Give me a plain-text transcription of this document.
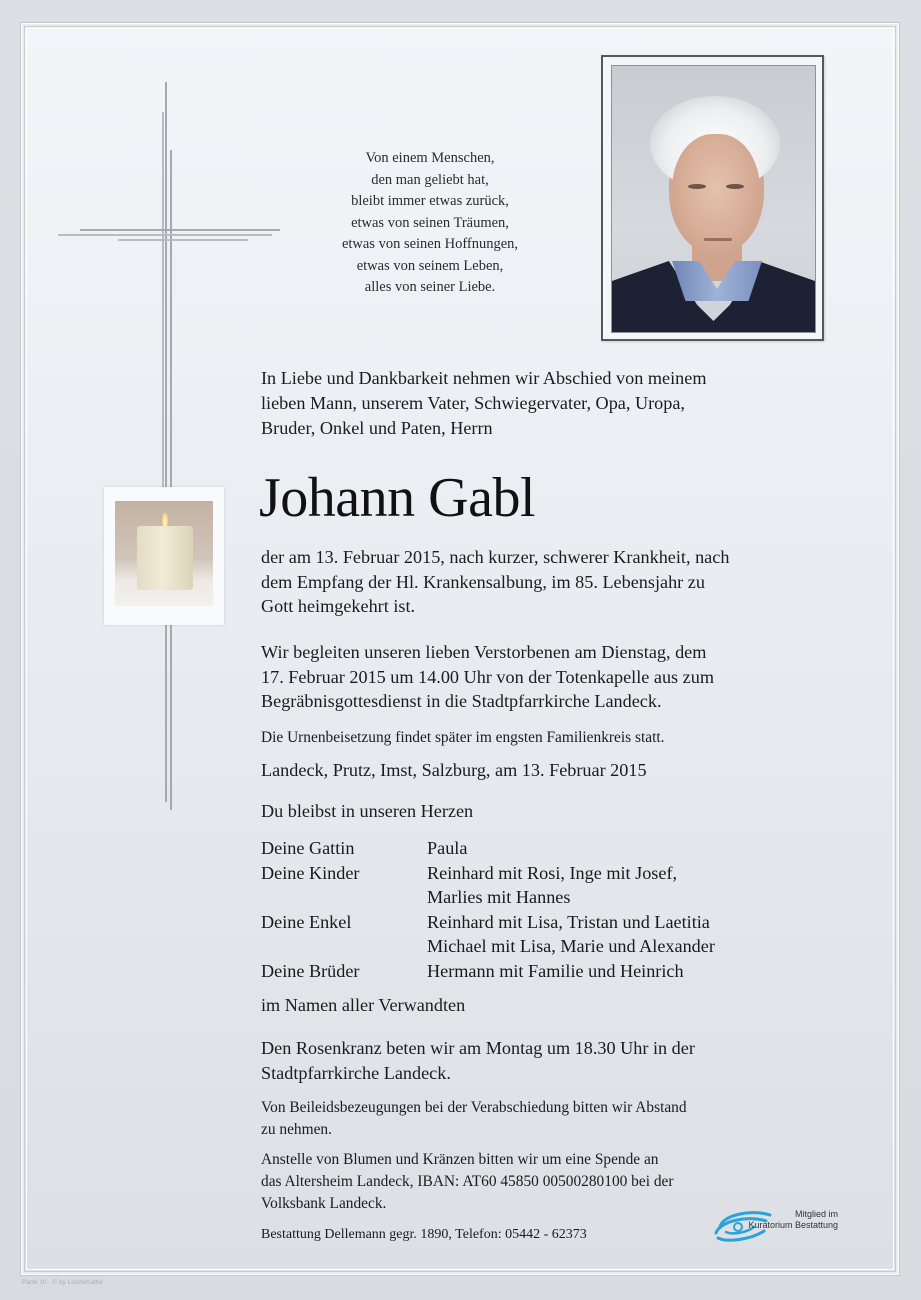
Von einem Menschen,
den man geliebt hat,
bleibt immer etwas zurück,
etwas von seinen Träumen,
etwas von seinen Hoffnungen,
etwas von seinem Leben,
alles von seiner Liebe.
In Liebe und Dankbarkeit nehmen wir Abschied von meinem
lieben Mann, unserem Vater, Schwiegervater, Opa, Uropa,
Bruder, Onkel und Paten, Herrn
Johann Gabl
der am 13. Februar 2015, nach kurzer, schwerer Krankheit, nach
dem Empfang der Hl. Krankensalbung, im 85. Lebensjahr zu
Gott heimgekehrt ist.
Wir begleiten unseren lieben Verstorbenen am Dienstag, dem
17. Februar 2015 um 14.00 Uhr von der Totenkapelle aus zum
Begräbnisgottesdienst in die Stadtpfarrkirche Landeck.
Die Urnenbeisetzung findet später im engsten Familienkreis statt.
Landeck, Prutz, Imst, Salzburg, am 13. Februar 2015
Du bleibst in unseren Herzen
Deine Gattin	Paula
Deine Kinder	Reinhard mit Rosi, Inge mit Josef,
Marlies mit Hannes
Deine Enkel	Reinhard mit Lisa, Tristan und Laetitia
Michael mit Lisa, Marie und Alexander
Deine Brüder	Hermann mit Familie und Heinrich
im Namen aller Verwandten
Den Rosenkranz beten wir am Montag um 18.30 Uhr in der
Stadtpfarrkirche Landeck.
Von Beileidsbezeugungen bei der Verabschiedung bitten wir Abstand
zu nehmen.
Anstelle von Blumen und Kränzen bitten wir um eine Spende an
das Altersheim Landeck, IBAN: AT60 45850 00500280100 bei der
Volksbank Landeck.
Bestattung Dellemann gegr. 1890, Telefon: 05442 - 62373
Mitglied im
Kuratorium Bestattung
Parte 10 · © by Lischi/Kathe
